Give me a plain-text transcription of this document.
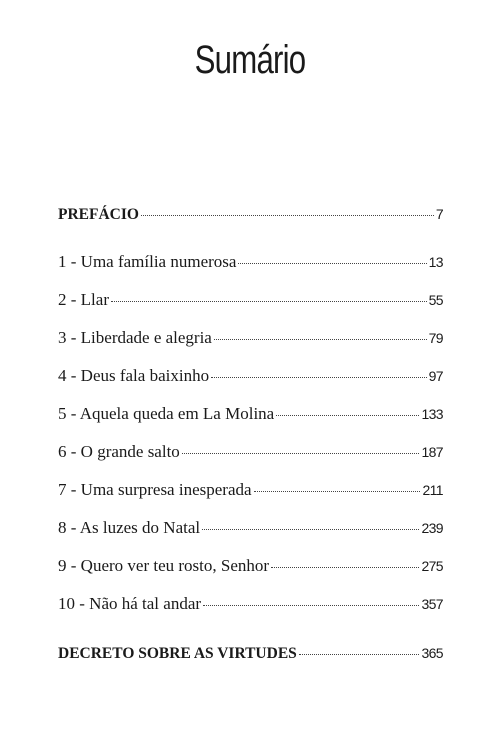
Sumário
PREFÁCIO	7
1 - Uma família numerosa	13
2 - Llar	55
3 - Liberdade e alegria	79
4 - Deus fala baixinho	97
5 - Aquela queda em La Molina	133
6 - O grande salto	187
7 - Uma surpresa inesperada	211
8 - As luzes do Natal	239
9 - Quero ver teu rosto, Senhor	275
10 - Não há tal andar	357
DECRETO SOBRE AS VIRTUDES	365
